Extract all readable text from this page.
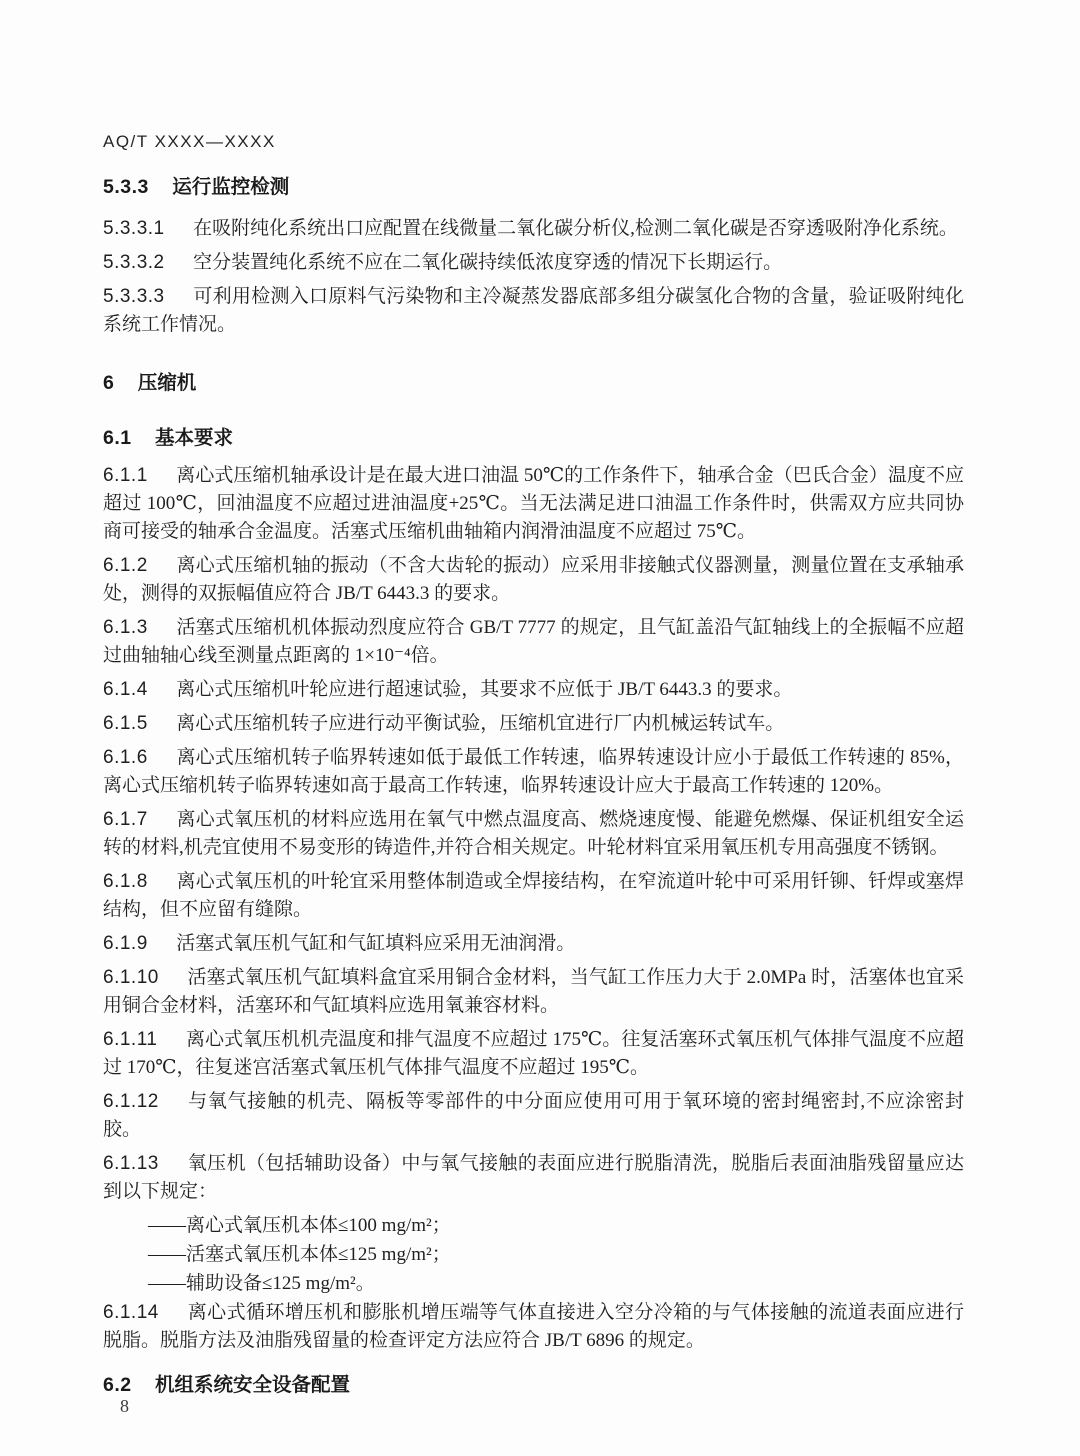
AQ/T XXXX—XXXX
5.3.3 运行监控检测

5.3.3.1 在吸附纯化系统出口应配置在线微量二氧化碳分析仪,检测二氧化碳是否穿透吸附净化系统。

5.3.3.2 空分装置纯化系统不应在二氧化碳持续低浓度穿透的情况下长期运行。

5.3.3.3 可利用检测入口原料气污染物和主冷凝蒸发器底部多组分碳氢化合物的含量，验证吸附纯化系统工作情况。

6 压缩机
6.1 基本要求

6.1.1 离心式压缩机轴承设计是在最大进口油温 50℃的工作条件下，轴承合金（巴氏合金）温度不应超过 100℃，回油温度不应超过进油温度+25℃。当无法满足进口油温工作条件时，供需双方应共同协商可接受的轴承合金温度。活塞式压缩机曲轴箱内润滑油温度不应超过 75℃。

6.1.2 离心式压缩机轴的振动（不含大齿轮的振动）应采用非接触式仪器测量，测量位置在支承轴承处，测得的双振幅值应符合 JB/T 6443.3 的要求。

6.1.3 活塞式压缩机机体振动烈度应符合 GB/T 7777 的规定，且气缸盖沿气缸轴线上的全振幅不应超过曲轴轴心线至测量点距离的 1×10⁻⁴倍。

6.1.4 离心式压缩机叶轮应进行超速试验，其要求不应低于 JB/T 6443.3 的要求。

6.1.5 离心式压缩机转子应进行动平衡试验，压缩机宜进行厂内机械运转试车。

6.1.6 离心式压缩机转子临界转速如低于最低工作转速，临界转速设计应小于最低工作转速的 85%，离心式压缩机转子临界转速如高于最高工作转速，临界转速设计应大于最高工作转速的 120%。

6.1.7 离心式氧压机的材料应选用在氧气中燃点温度高、燃烧速度慢、能避免燃爆、保证机组安全运转的材料,机壳宜使用不易变形的铸造件,并符合相关规定。叶轮材料宜采用氧压机专用高强度不锈钢。

6.1.8 离心式氧压机的叶轮宜采用整体制造或全焊接结构，在窄流道叶轮中可采用钎铆、钎焊或塞焊结构，但不应留有缝隙。

6.1.9 活塞式氧压机气缸和气缸填料应采用无油润滑。

6.1.10 活塞式氧压机气缸填料盒宜采用铜合金材料，当气缸工作压力大于 2.0MPa 时，活塞体也宜采用铜合金材料，活塞环和气缸填料应选用氧兼容材料。

6.1.11 离心式氧压机机壳温度和排气温度不应超过 175℃。往复活塞环式氧压机气体排气温度不应超过 170℃，往复迷宫活塞式氧压机气体排气温度不应超过 195℃。

6.1.12 与氧气接触的机壳、隔板等零部件的中分面应使用可用于氧环境的密封绳密封,不应涂密封胶。

6.1.13 氧压机（包括辅助设备）中与氧气接触的表面应进行脱脂清洗，脱脂后表面油脂残留量应达到以下规定：

——离心式氧压机本体≤100 mg/m²；

——活塞式氧压机本体≤125 mg/m²；

——辅助设备≤125 mg/m²。

6.1.14 离心式循环增压机和膨胀机增压端等气体直接进入空分冷箱的与气体接触的流道表面应进行脱脂。脱脂方法及油脂残留量的检查评定方法应符合 JB/T 6896 的规定。

6.2 机组系统安全设备配置
8
